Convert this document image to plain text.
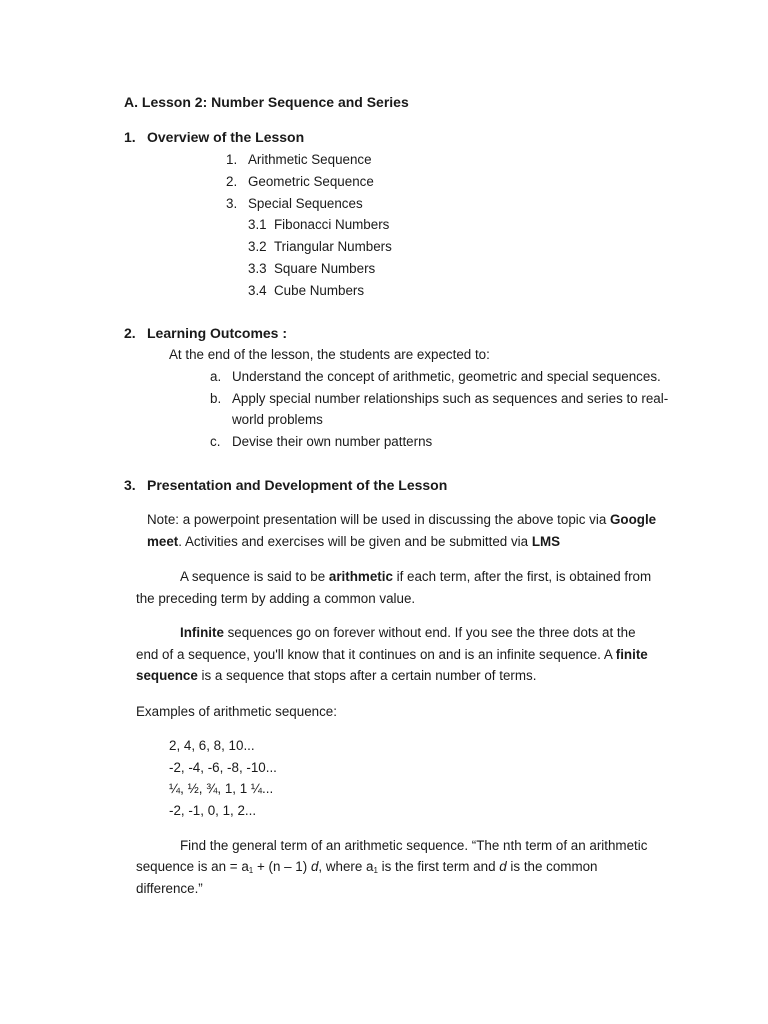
A. Lesson 2: Number Sequence and Series
1. Overview of the Lesson
1. Arithmetic Sequence
2. Geometric Sequence
3. Special Sequences
3.1 Fibonacci Numbers
3.2 Triangular Numbers
3.3 Square Numbers
3.4 Cube Numbers
2. Learning Outcomes :
At the end of the lesson, the students are expected to:
a. Understand the concept of arithmetic, geometric and special sequences.
b. Apply special number relationships such as sequences and series to real-
world problems
c. Devise their own number patterns
3. Presentation and Development of the Lesson
Note: a powerpoint presentation will be used in discussing the above topic via Google
meet. Activities and exercises will be given and be submitted via LMS
A sequence is said to be arithmetic if each term, after the first, is obtained from
the preceding term by adding a common value.
Infinite sequences go on forever without end. If you see the three dots at the
end of a sequence, you'll know that it continues on and is an infinite sequence. A finite
sequence is a sequence that stops after a certain number of terms.
Examples of arithmetic sequence:
2, 4, 6, 8, 10...
-2, -4, -6, -8, -10...
¼, ½, ¾, 1, 1 ¼...
-2, -1, 0, 1, 2...
Find the general term of an arithmetic sequence. “The nth term of an arithmetic
sequence is an = $a_1 + (n - 1)$ d, where $a_1$ is the first term and d is the common
difference.”
